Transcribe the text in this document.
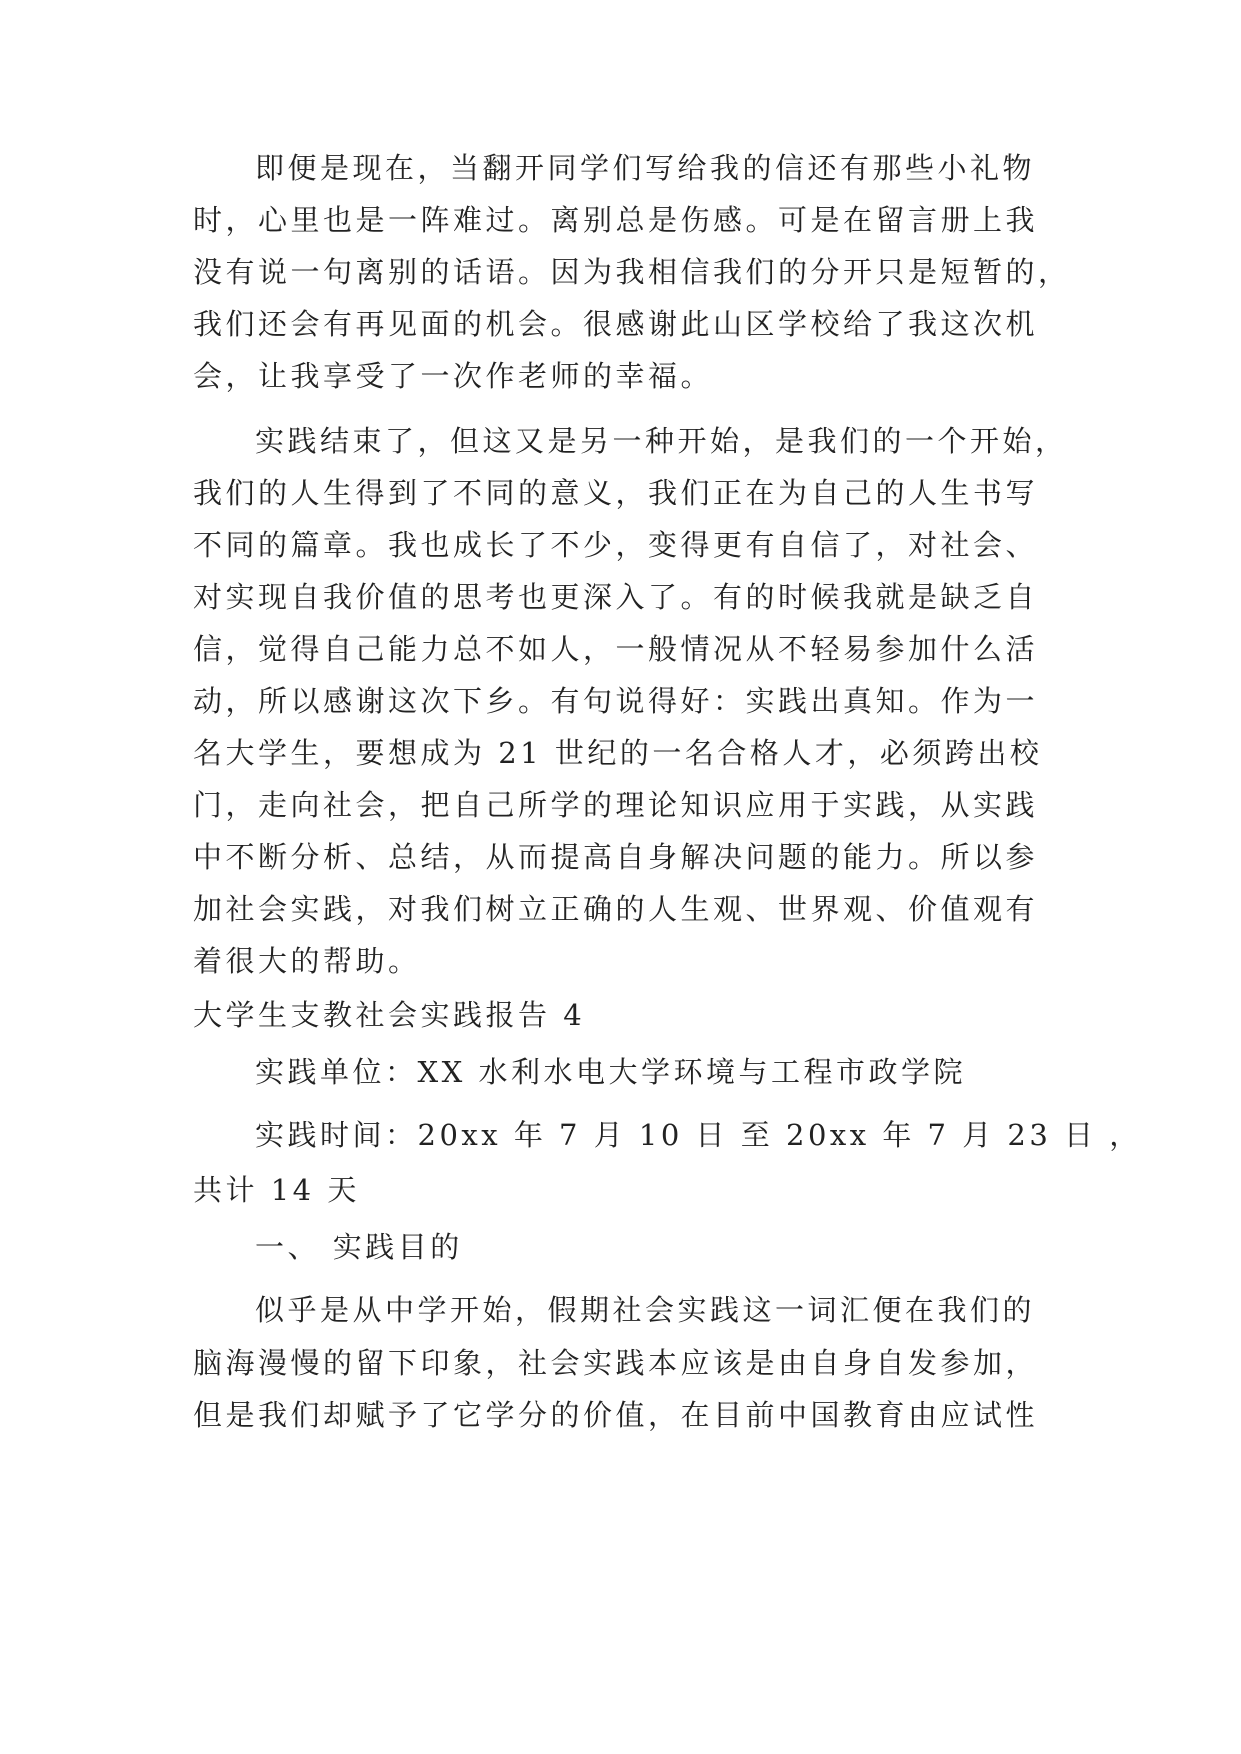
即便是现在，当翻开同学们写给我的信还有那些小礼物
时，心里也是一阵难过。离别总是伤感。可是在留言册上我
没有说一句离别的话语。因为我相信我们的分开只是短暂的，
我们还会有再见面的机会。很感谢此山区学校给了我这次机
会，让我享受了一次作老师的幸福。
实践结束了，但这又是另一种开始，是我们的一个开始，
我们的人生得到了不同的意义，我们正在为自己的人生书写
不同的篇章。我也成长了不少，变得更有自信了，对社会、
对实现自我价值的思考也更深入了。有的时候我就是缺乏自
信，觉得自己能力总不如人，一般情况从不轻易参加什么活
动，所以感谢这次下乡。有句说得好：实践出真知。作为一
名大学生，要想成为 21 世纪的一名合格人才，必须跨出校
门，走向社会，把自己所学的理论知识应用于实践，从实践
中不断分析、总结，从而提高自身解决问题的能力。所以参
加社会实践，对我们树立正确的人生观、世界观、价值观有
着很大的帮助。
大学生支教社会实践报告 4
实践单位：XX 水利水电大学环境与工程市政学院
实践时间：20xx 年 7 月 10 日 至 20xx 年 7 月 23 日 ，
共计 14 天
一、 实践目的
似乎是从中学开始，假期社会实践这一词汇便在我们的
脑海漫慢的留下印象，社会实践本应该是由自身自发参加，
但是我们却赋予了它学分的价值，在目前中国教育由应试性
